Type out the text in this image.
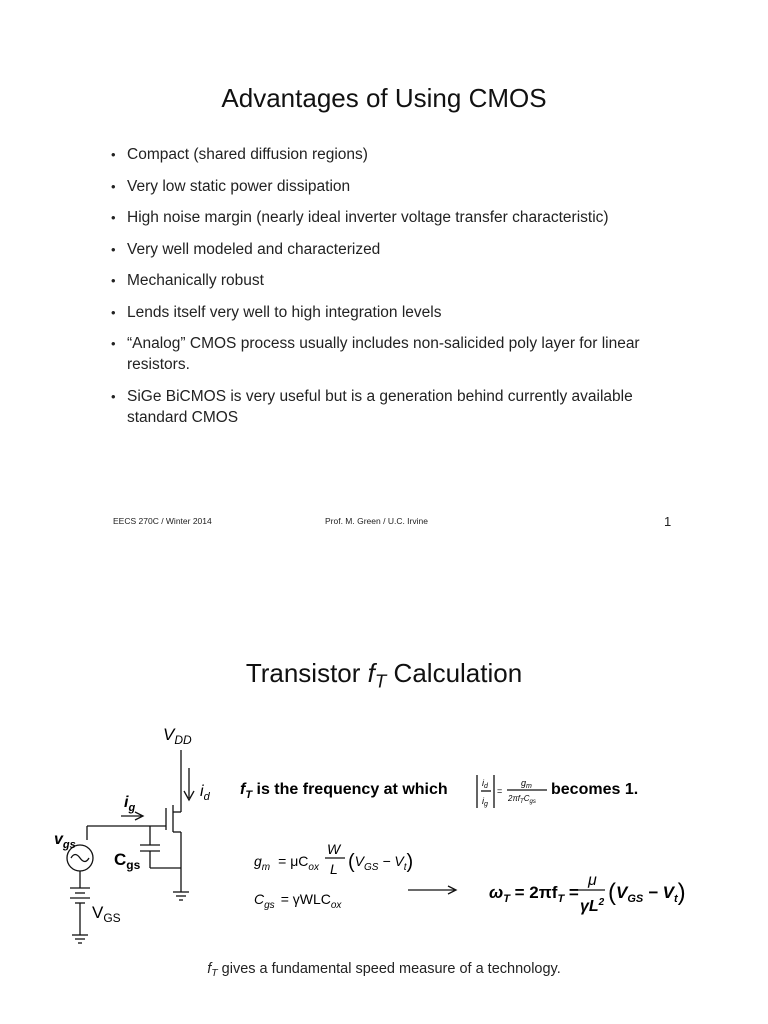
Advantages of Using CMOS
• Compact (shared diffusion regions)
• Very low static power dissipation
• High noise margin (nearly ideal inverter voltage transfer characteristic)
• Very well modeled and characterized
• Mechanically robust
• Lends itself very well to high integration levels
• “Analog” CMOS process usually includes non-salicided poly layer for linear resistors.
• SiGe BiCMOS is very useful but is a generation behind currently available standard CMOS
EECS 270C / Winter 2014	Prof. M. Green / U.C. Irvine	1
Transistor $f_T$ Calculation
$V_{DD}$
$i_d$
$i_g$
$v_{gs}$
$C_{gs}$
$V_{GS}$
$f_T$ is the frequency at which	$i_d$
$i_g$
=
$g_m$
$2\pi f_TC_{gs}$
becomes 1.
$g_m = \mu C_{ox}$
W
L $(V_{GS} - V_t)$
$C_{gs} = \gamma WLC_{ox}$
$\omega_T = 2\pi f_T$ =
μ
$\gamma L^2$ $(V_{GS} - V_t)$
$f_T$ gives a fundamental speed measure of a technology.
